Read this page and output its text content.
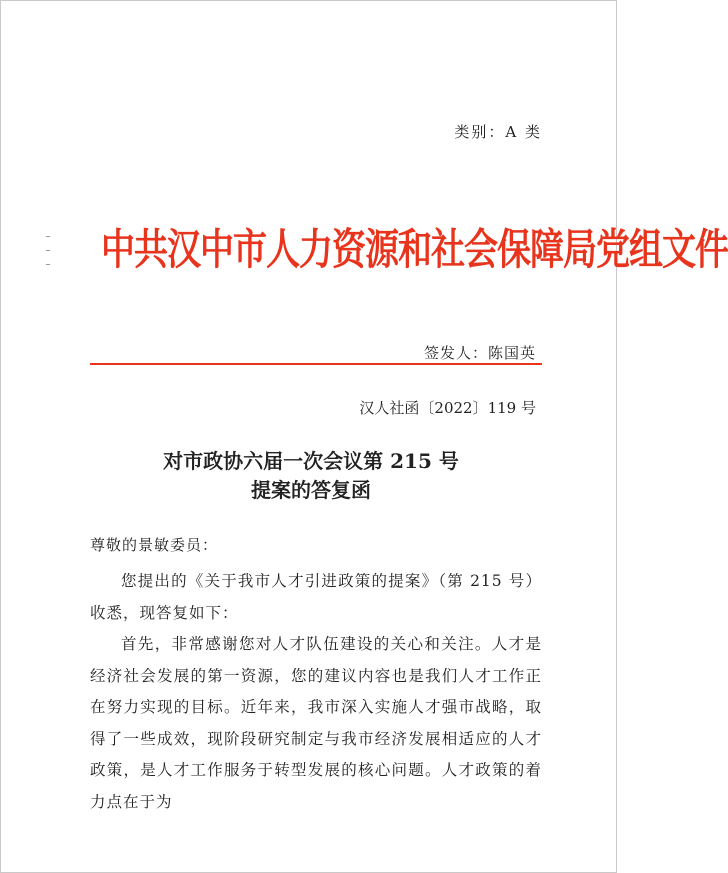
类别：A 类
中共汉中市人力资源和社会保障局党组文件
签发人：陈国英
汉人社函〔2022〕119 号
对市政协六届一次会议第 215 号
提案的答复函
尊敬的景敏委员：

您提出的《关于我市人才引进政策的提案》（第 215 号）收悉，现答复如下：

首先，非常感谢您对人才队伍建设的关心和关注。人才是经济社会发展的第一资源，您的建议内容也是我们人才工作正在努力实现的目标。近年来，我市深入实施人才强市战略，取得了一些成效，现阶段研究制定与我市经济发展相适应的人才政策，是人才工作服务于转型发展的核心问题。人才政策的着力点在于为
